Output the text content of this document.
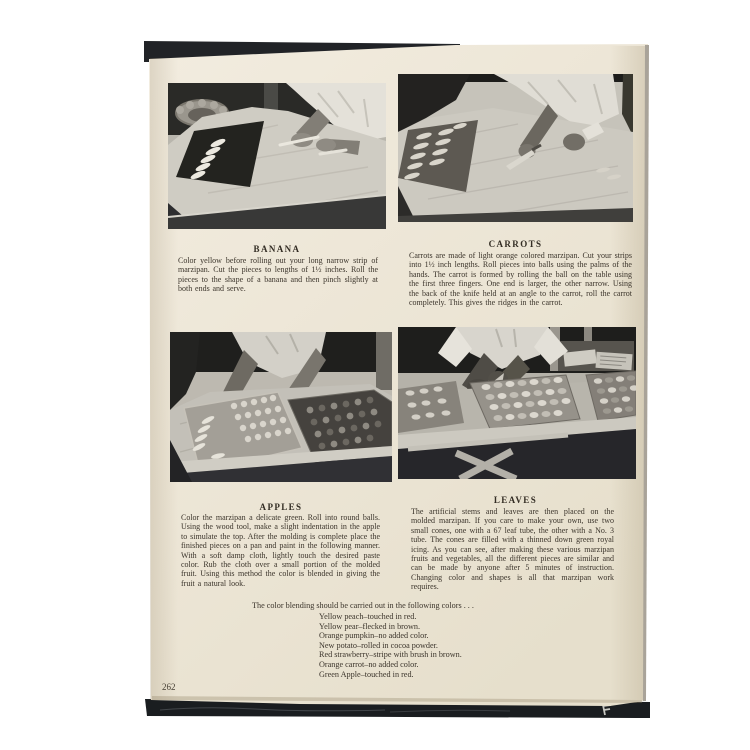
BANANA

Color yellow before rolling out your long narrow strip of marzipan. Cut the pieces to lengths of 1½ inches. Roll the pieces to the shape of a banana and then pinch slightly at both ends and serve.

CARROTS

Carrots are made of light orange colored marzipan. Cut your strips into 1½ inch lengths. Roll pieces into balls using the palms of the hands. The carrot is formed by rolling the ball on the table using the first three fingers. One end is larger, the other narrow. Using the back of the knife held at an angle to the carrot, roll the carrot completely. This gives the ridges in the carrot.

APPLES

Color the marzipan a delicate green. Roll into round balls. Using the wood tool, make a slight indentation in the apple to simulate the top. After the molding is complete place the finished pieces on a pan and paint in the following manner. With a soft damp cloth, lightly touch the desired paste color. Rub the cloth over a small portion of the molded fruit. Using this method the color is blended in giving the fruit a natural look.

LEAVES

The artificial stems and leaves are then placed on the molded marzipan. If you care to make your own, use two small cones, one with a 67 leaf tube, the other with a No. 3 tube. The cones are filled with a thinned down green royal icing. As you can see, after making these various marzipan fruits and vegetables, all the different pieces are similar and can be made by anyone after 5 minutes of instruction. Changing color and shapes is all that marzipan work requires.

The color blending should be carried out in the following colors . . .
Yellow peach–touched in red.
Yellow pear–flecked in brown.
Orange pumpkin–no added color.
New potato–rolled in cocoa powder.
Red strawberry–stripe with brush in brown.
Orange carrot–no added color.
Green Apple–touched in red.
262
